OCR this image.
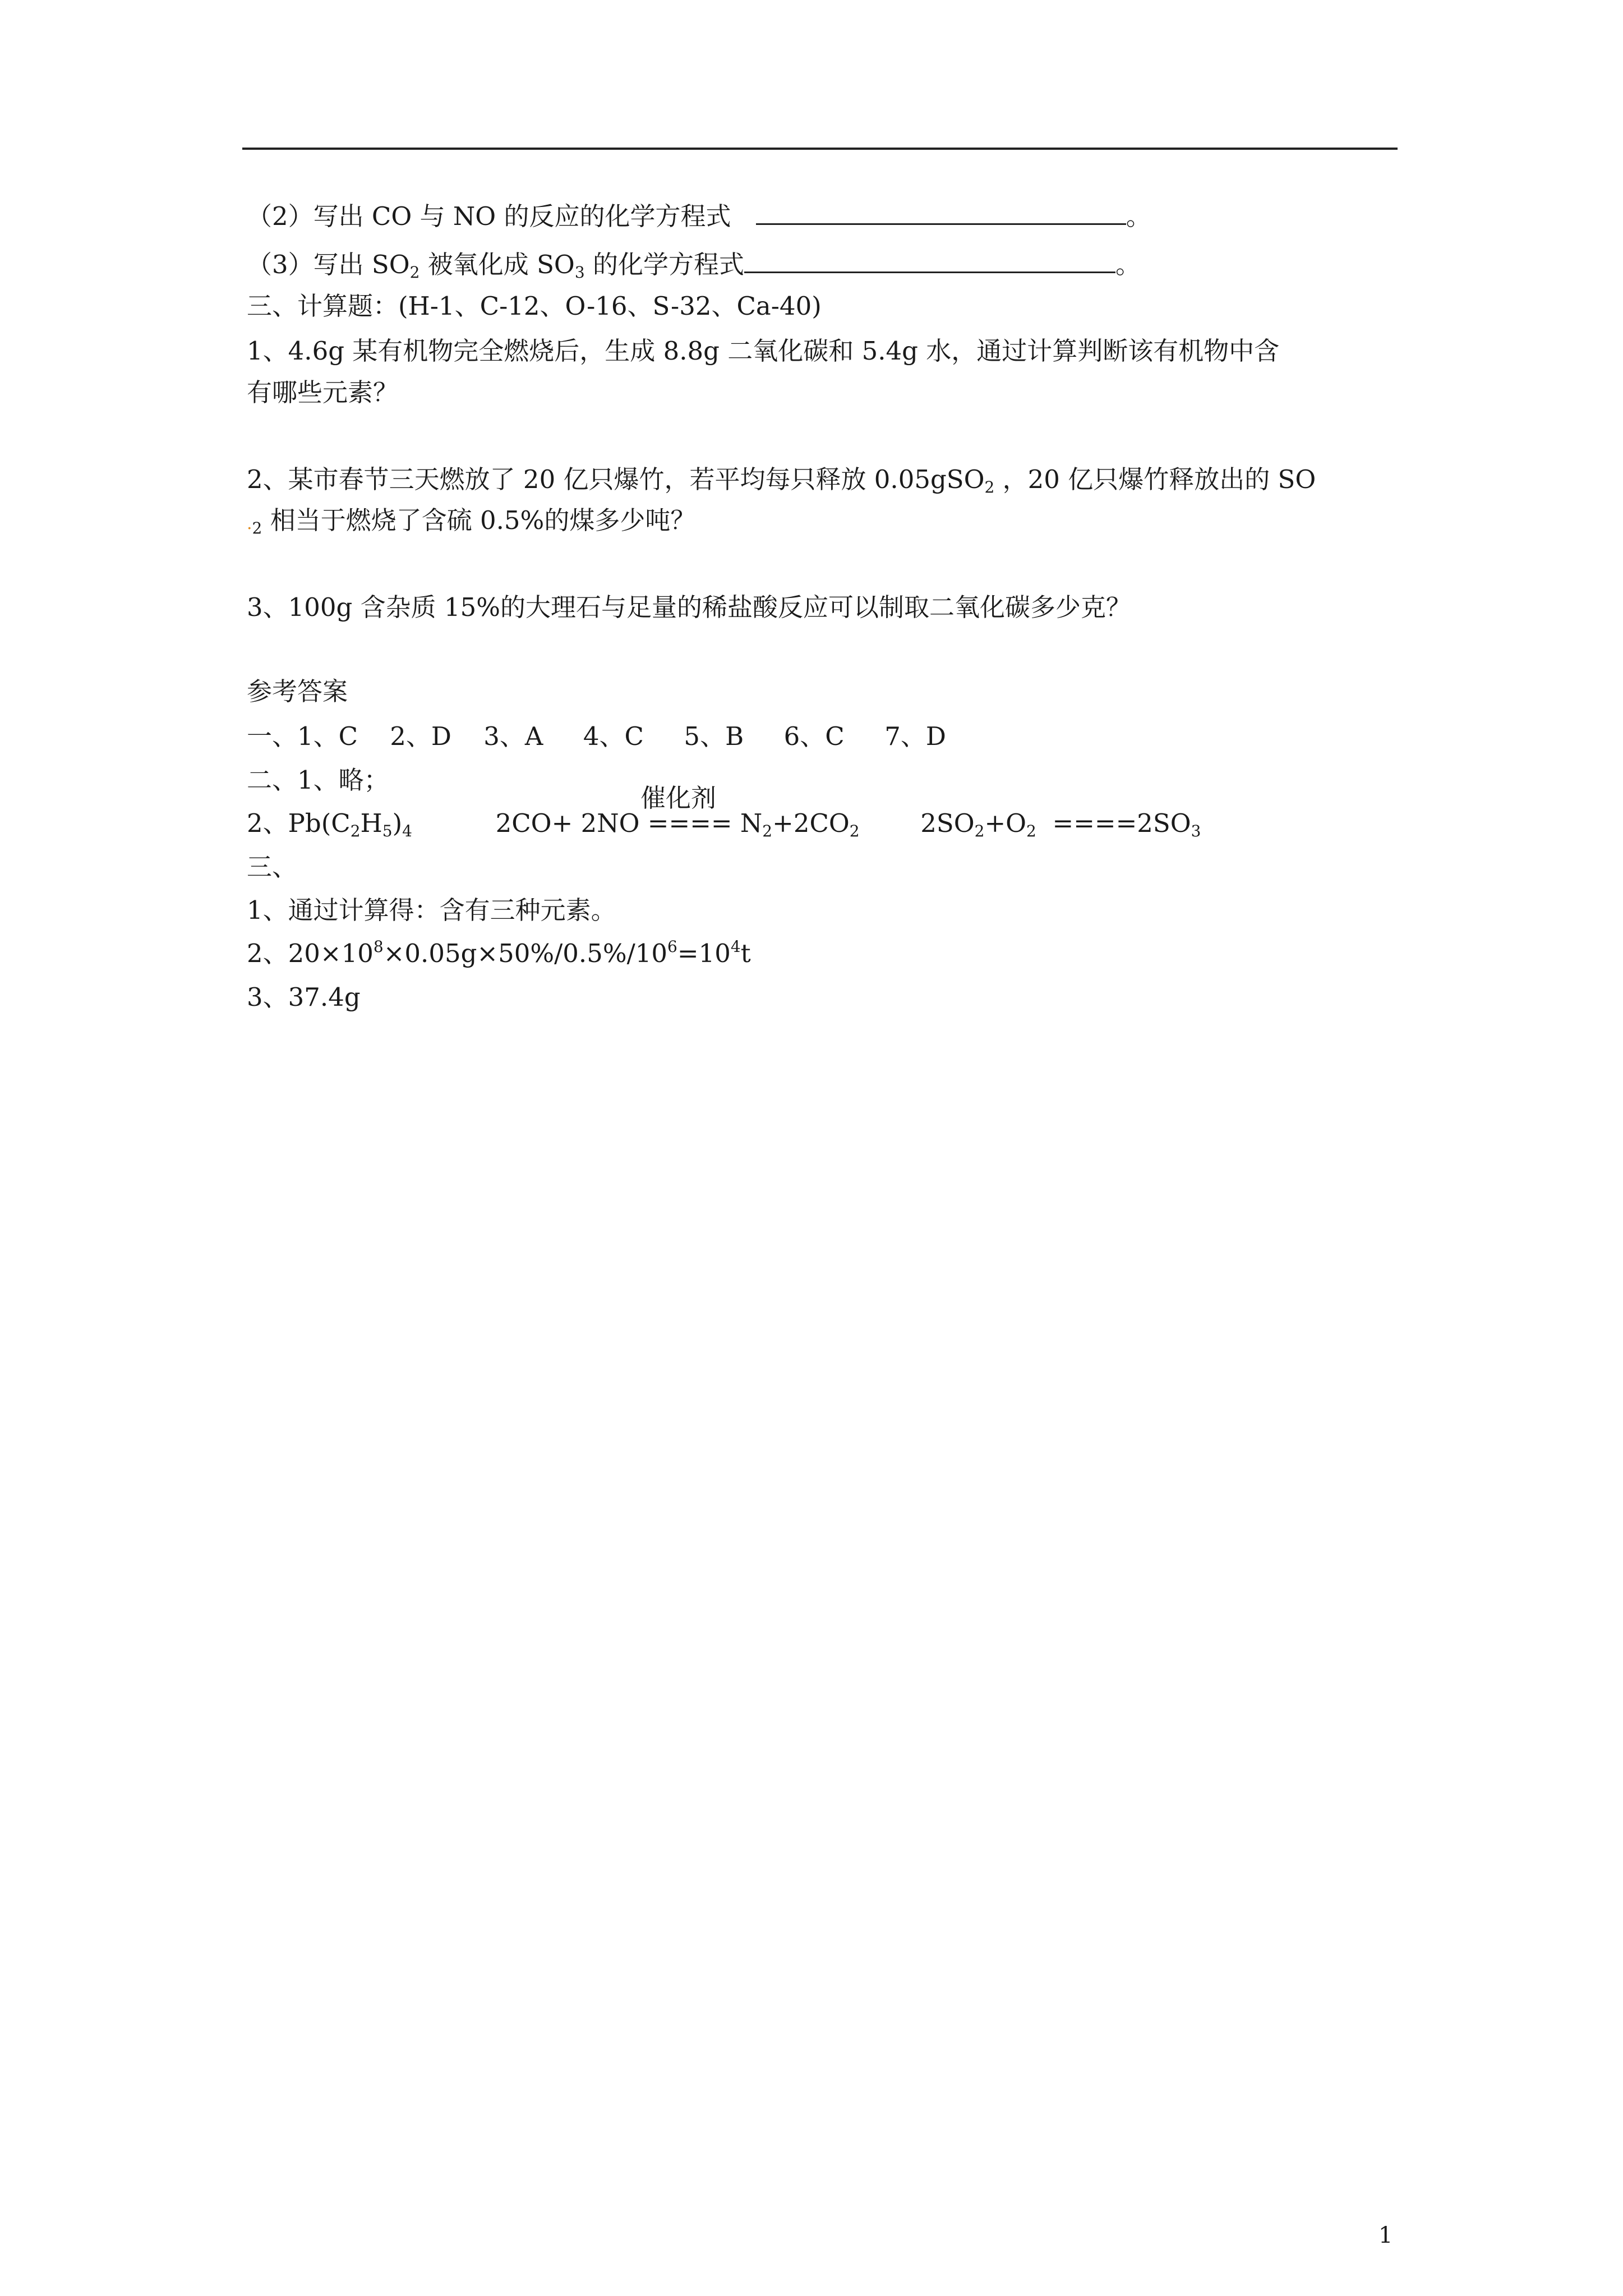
（2）写出 CO 与 NO 的反应的化学方程式	。
（3）写出 $SO_2$ 被氧化成 $SO_3$ 的化学方程式	。
三、计算题：(H-1、C-12、O-16、S-32、Ca-40)
1、4.6g 某有机物完全燃烧后，生成 8.8g 二氧化碳和 5.4g 水，通过计算判断该有机物中含
有哪些元素？
2、某市春节三天燃放了 20 亿只爆竹，若平均每只释放 0.05gSO$_2$ ，20 亿只爆竹释放出的 SO
$._2$ 相当于燃烧了含硫 0.5%的煤多少吨？
3、100g 含杂质 15%的大理石与足量的稀盐酸反应可以制取二氧化碳多少克？
参考答案
一、1、C    2、D    3、A     4、C     5、B     6、C     7、D
二、1、略；
催化剂
2、$Pb(C_2H_5)_4$	2CO+ 2NO ==== $N_2+2CO_2$ $2SO_2+O_2 ====2SO_3$
三、
1、通过计算得：含有三种元素。
2、$20\times 10^8\times 0.05g\times 50\%/0.5\%/10^6=10^4t$
3、37.4g
1
